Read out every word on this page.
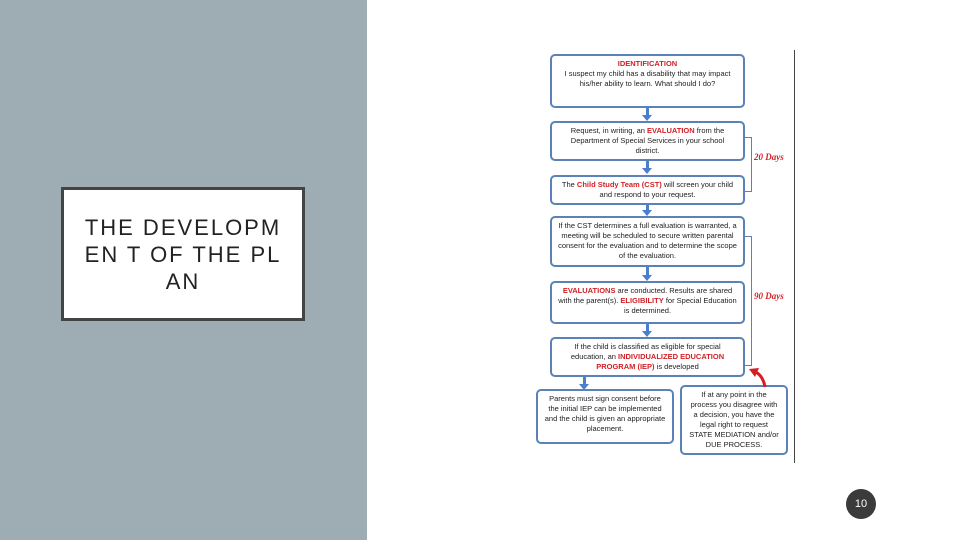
THE DEVELOPMEN T OF THE PLAN
IDENTIFICATION
I suspect my child has a disability that may impact his/her ability to learn. What should I do?
Request, in writing, an EVALUATION from the Department of Special Services in your school district.
The Child Study Team (CST) will screen your child and respond to your request.
If the CST determines a full evaluation is warranted, a meeting will be scheduled to secure written parental consent for the evaluation and to determine the scope of the evaluation.
EVALUATIONS are conducted. Results are shared with the parent(s). ELIGIBILITY for Special Education is determined.
If the child is classified as eligible for special education, an INDIVIDUALIZED EDUCATION PROGRAM (IEP) is developed
Parents must sign consent before the initial IEP can be implemented and the child is given an appropriate placement.
If at any point in the process you disagree with a decision, you have the legal right to request STATE MEDIATION and/or DUE PROCESS.
20 Days
90 Days
10
